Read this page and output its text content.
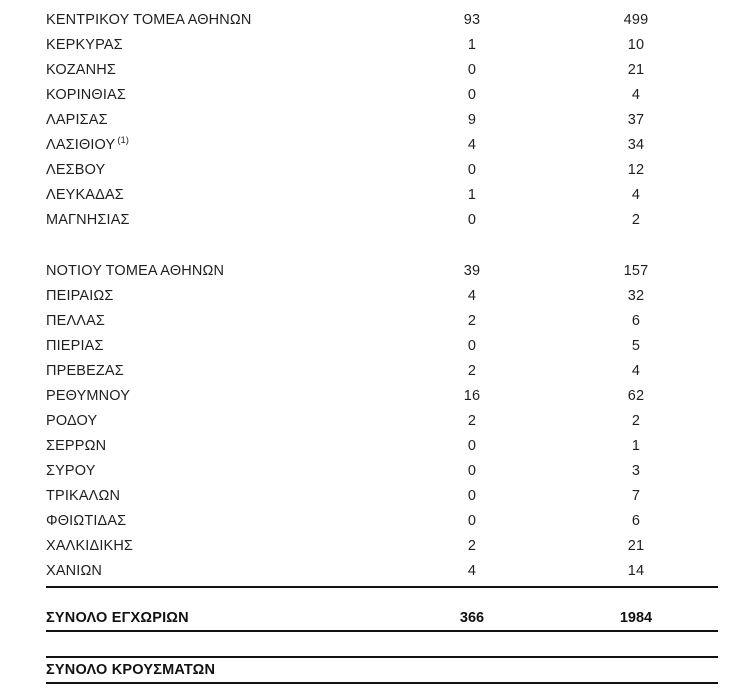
ΚΕΝΤΡΙΚΟΥ ΤΟΜΕΑ ΑΘΗΝΩΝ	93	499
ΚΕΡΚΥΡΑΣ	1	10
ΚΟΖΑΝΗΣ	0	21
ΚΟΡΙΝΘΙΑΣ	0	4
ΛΑΡΙΣΑΣ	9	37
ΛΑΣΙΘΙΟΥ $^{(1)}$	4	34
ΛΕΣΒΟΥ	0	12
ΛΕΥΚΑΔΑΣ	1	4
ΜΑΓΝΗΣΙΑΣ	0	2

ΝΟΤΙΟΥ ΤΟΜΕΑ ΑΘΗΝΩΝ	39	157
ΠΕΙΡΑΙΩΣ	4	32
ΠΕΛΛΑΣ	2	6
ΠΙΕΡΙΑΣ	0	5
ΠΡΕΒΕΖΑΣ	2	4
ΡΕΘΥΜΝΟΥ	16	62
ΡΟΔΟΥ	2	2
ΣΕΡΡΩΝ	0	1
ΣΥΡΟΥ	0	3
ΤΡΙΚΑΛΩΝ	0	7
ΦΘΙΩΤΙΔΑΣ	0	6
ΧΑΛΚΙΔΙΚΗΣ	2	21
ΧΑΝΙΩΝ	4	14
ΣΥΝΟΛΟ ΕΓΧΩΡΙΩΝ	366	1984
ΣΥΝΟΛΟ ΚΡΟΥΣΜΑΤΩΝ
